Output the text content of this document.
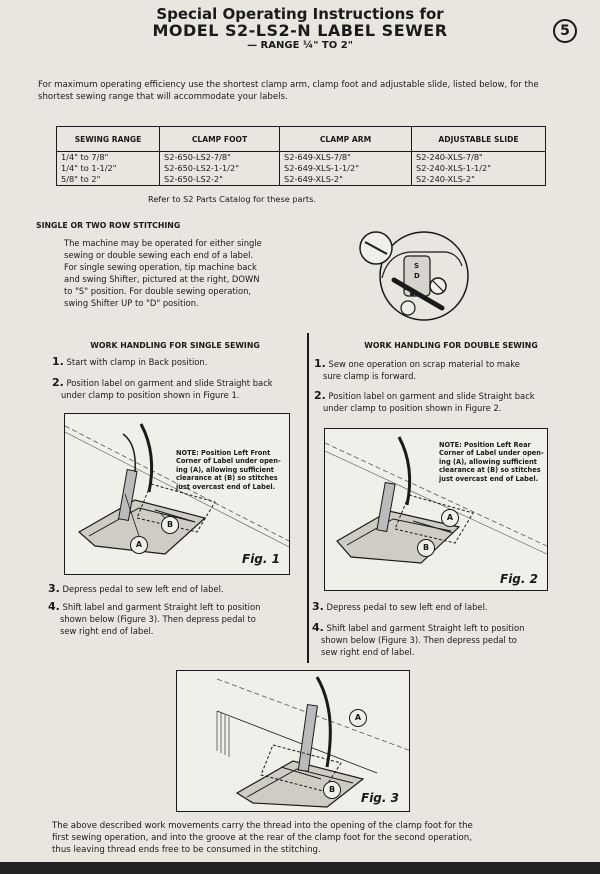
Special Operating Instructions for
MODEL S2-LS2-N LABEL SEWER
— RANGE ¼" TO 2"
5
For maximum operating efficiency use the shortest clamp arm, clamp foot and adjustable slide, listed below, for the shortest sewing range that will accommodate your labels.
SEWING RANGE	CLAMP FOOT	CLAMP ARM	ADJUSTABLE SLIDE
1/4" to 7/8"	S2-650-LS2-7/8"	S2-649-XLS-7/8"	S2-240-XLS-7/8"
1/4" to 1-1/2"	S2-650-LS2-1-1/2"	S2-649-XLS-1-1/2"	S2-240-XLS-1-1/2"
5/8" to 2"	S2-650-LS2-2"	S2-649-XLS-2"	S2-240-XLS-2"
Refer to S2 Parts Catalog for these parts.
SINGLE OR TWO ROW STITCHING
The machine may be operated for either single
sewing or double sewing each end of a label.
For single sewing operation, tip machine back
and swing Shifter, pictured at the right, DOWN
to "S" position. For double sewing operation,
swing Shifter UP to "D" position.
S
D
WORK HANDLING FOR SINGLE SEWING
1. Start with clamp in Back position.
2. Position label on garment and slide Straight back
under clamp to position shown in Figure 1.
NOTE: Position Left Front
Corner of Label under open-
ing (A), allowing sufficient
clearance at (B) so stitches
just overcast end of Label.
A
B
Fig. 1
3. Depress pedal to sew left end of label.
4. Shift label and garment Straight left to position
shown below (Figure 3). Then depress pedal to
sew right end of label.
WORK HANDLING FOR DOUBLE SEWING
1. Sew one operation on scrap material to make
sure clamp is forward.
2. Position label on garment and slide Straight back
under clamp to position shown in Figure 2.
NOTE: Position Left Rear
Corner of Label under open-
ing (A), allowing sufficient
clearance at (B) so stitches
just overcast end of Label.
A
B
Fig. 2
3. Depress pedal to sew left end of label.
4. Shift label and garment Straight left to position
shown below (Figure 3). Then depress pedal to
sew right end of label.
A
B
Fig. 3
The above described work movements carry the thread into the opening of the clamp foot for the
first sewing operation, and into the groove at the rear of the clamp foot for the second operation,
thus leaving thread ends free to be consumed in the stitching.
